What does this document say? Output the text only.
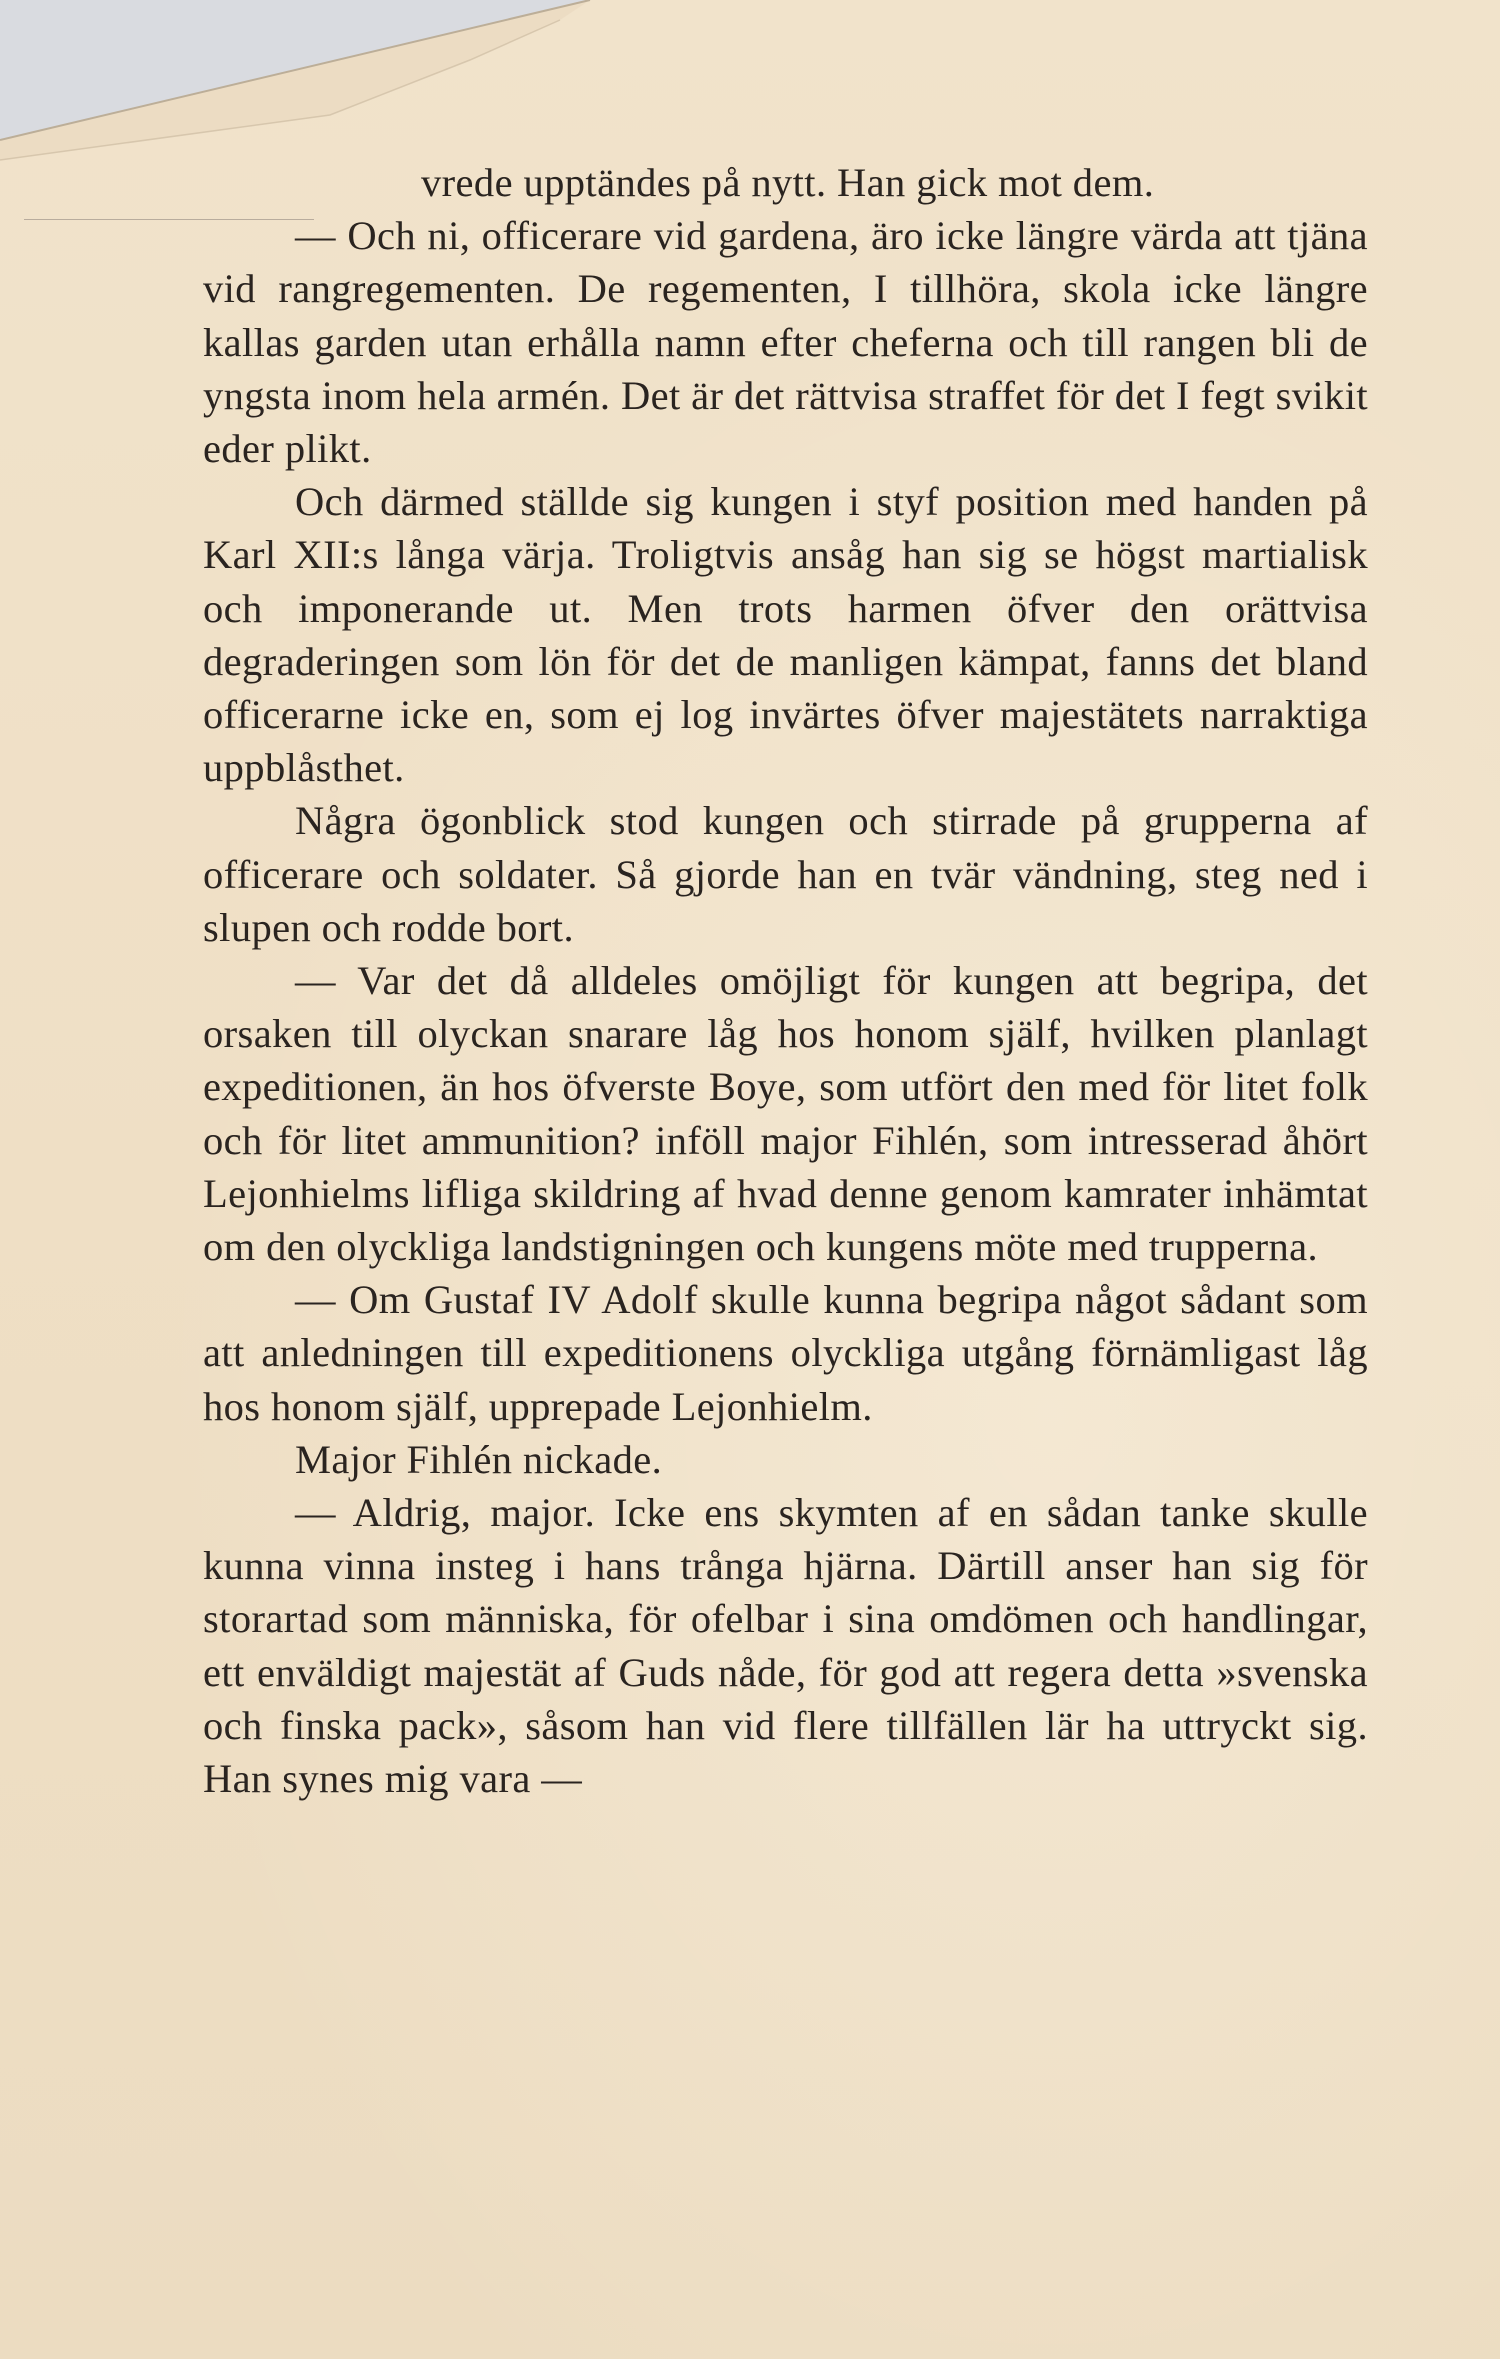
vrede upptändes på nytt. Han gick mot dem.

— Och ni, officerare vid gardena, äro icke längre värda att tjäna vid rangregementen. De regementen, I tillhöra, skola icke längre kallas garden utan erhålla namn efter cheferna och till rangen bli de yngsta inom hela armén. Det är det rättvisa straffet för det I fegt svikit eder plikt.

Och därmed ställde sig kungen i styf position med handen på Karl XII:s långa värja. Troligtvis ansåg han sig se högst martialisk och imponerande ut. Men trots harmen öfver den orättvisa degraderingen som lön för det de manligen kämpat, fanns det bland officerarne icke en, som ej log invärtes öfver majestätets narraktiga uppblåsthet.

Några ögonblick stod kungen och stirrade på grupperna af officerare och soldater. Så gjorde han en tvär vändning, steg ned i slupen och rodde bort.

— Var det då alldeles omöjligt för kungen att begripa, det orsaken till olyckan snarare låg hos honom själf, hvilken planlagt expeditionen, än hos öfverste Boye, som utfört den med för litet folk och för litet ammunition? inföll major Fihlén, som intresserad åhört Lejonhielms lifliga skildring af hvad denne genom kamrater inhämtat om den olyckliga landstigningen och kungens möte med trupperna.

— Om Gustaf IV Adolf skulle kunna begripa något sådant som att anledningen till expeditionens olyckliga utgång förnämligast låg hos honom själf, upprepade Lejonhielm.

Major Fihlén nickade.

— Aldrig, major. Icke ens skymten af en sådan tanke skulle kunna vinna insteg i hans trånga hjärna. Därtill anser han sig för storartad som människa, för ofelbar i sina omdömen och handlingar, ett enväldigt majestät af Guds nåde, för god att regera detta »svenska och finska pack», såsom han vid flere tillfällen lär ha uttryckt sig. Han synes mig vara —
